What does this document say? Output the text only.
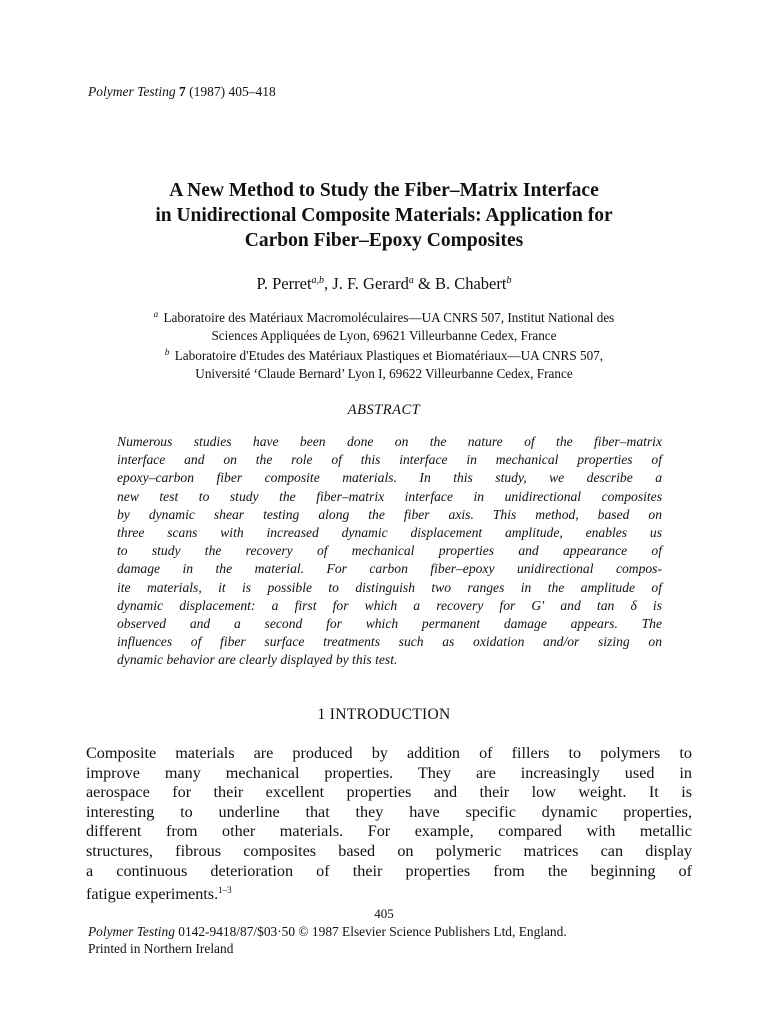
Polymer Testing 7 (1987) 405–418
A New Method to Study the Fiber–Matrix Interface
in Unidirectional Composite Materials: Application for
Carbon Fiber–Epoxy Composites
P. Perret$^{a,b}$, J. F. Gerard$^a$ & B. Chabert$^b$
$^a$ Laboratoire des Matériaux Macromoléculaires—UA CNRS 507, Institut National des
Sciences Appliquées de Lyon, 69621 Villeurbanne Cedex, France
$^b$ Laboratoire d'Etudes des Matériaux Plastiques et Biomatériaux—UA CNRS 507,
Université ‘Claude Bernard’ Lyon I, 69622 Villeurbanne Cedex, France
ABSTRACT
Numerous studies have been done on the nature of the fiber–matrix
interface and on the role of this interface in mechanical properties of
epoxy–carbon fiber composite materials. In this study, we describe a
new test to study the fiber–matrix interface in unidirectional composites
by dynamic shear testing along the fiber axis. This method, based on
three scans with increased dynamic displacement amplitude, enables us
to study the recovery of mechanical properties and appearance of
damage in the material. For carbon fiber–epoxy unidirectional compos-
ite materials, it is possible to distinguish two ranges in the amplitude of
dynamic displacement: a first for which a recovery for G′ and tan δ is
observed and a second for which permanent damage appears. The
influences of fiber surface treatments such as oxidation and/or sizing on
dynamic behavior are clearly displayed by this test.
1 INTRODUCTION
Composite materials are produced by addition of fillers to polymers to
improve many mechanical properties. They are increasingly used in
aerospace for their excellent properties and their low weight. It is
interesting to underline that they have specific dynamic properties,
different from other materials. For example, compared with metallic
structures, fibrous composites based on polymeric matrices can display
a continuous deterioration of their properties from the beginning of
fatigue experiments.$^{1-3}$
405
Polymer Testing 0142-9418/87/$03·50 © 1987 Elsevier Science Publishers Ltd, England.
Printed in Northern Ireland
